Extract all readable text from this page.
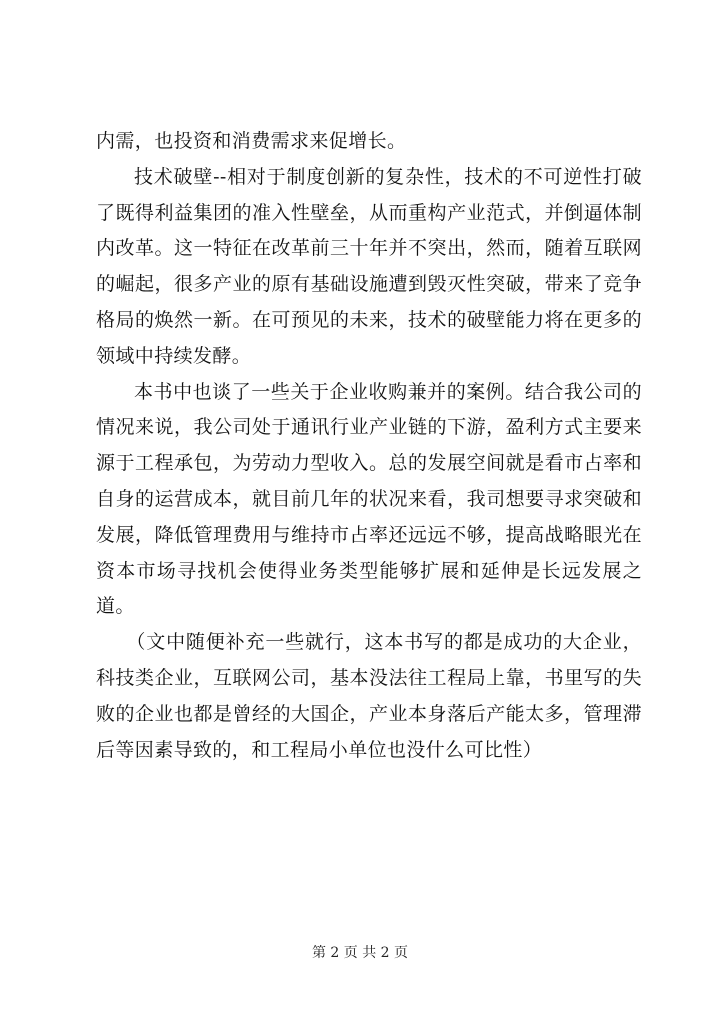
内需，也投资和消费需求来促增长。

技术破壁--相对于制度创新的复杂性，技术的不可逆性打破了既得利益集团的准入性壁垒，从而重构产业范式，并倒逼体制内改革。这一特征在改革前三十年并不突出，然而，随着互联网的崛起，很多产业的原有基础设施遭到毁灭性突破，带来了竞争格局的焕然一新。在可预见的未来，技术的破壁能力将在更多的领域中持续发酵。

本书中也谈了一些关于企业收购兼并的案例。结合我公司的情况来说，我公司处于通讯行业产业链的下游，盈利方式主要来源于工程承包，为劳动力型收入。总的发展空间就是看市占率和自身的运营成本，就目前几年的状况来看，我司想要寻求突破和发展，降低管理费用与维持市占率还远远不够，提高战略眼光在资本市场寻找机会使得业务类型能够扩展和延伸是长远发展之道。

（文中随便补充一些就行，这本书写的都是成功的大企业，科技类企业，互联网公司，基本没法往工程局上靠，书里写的失败的企业也都是曾经的大国企，产业本身落后产能太多，管理滞后等因素导致的，和工程局小单位也没什么可比性）

第 2 页 共 2 页
